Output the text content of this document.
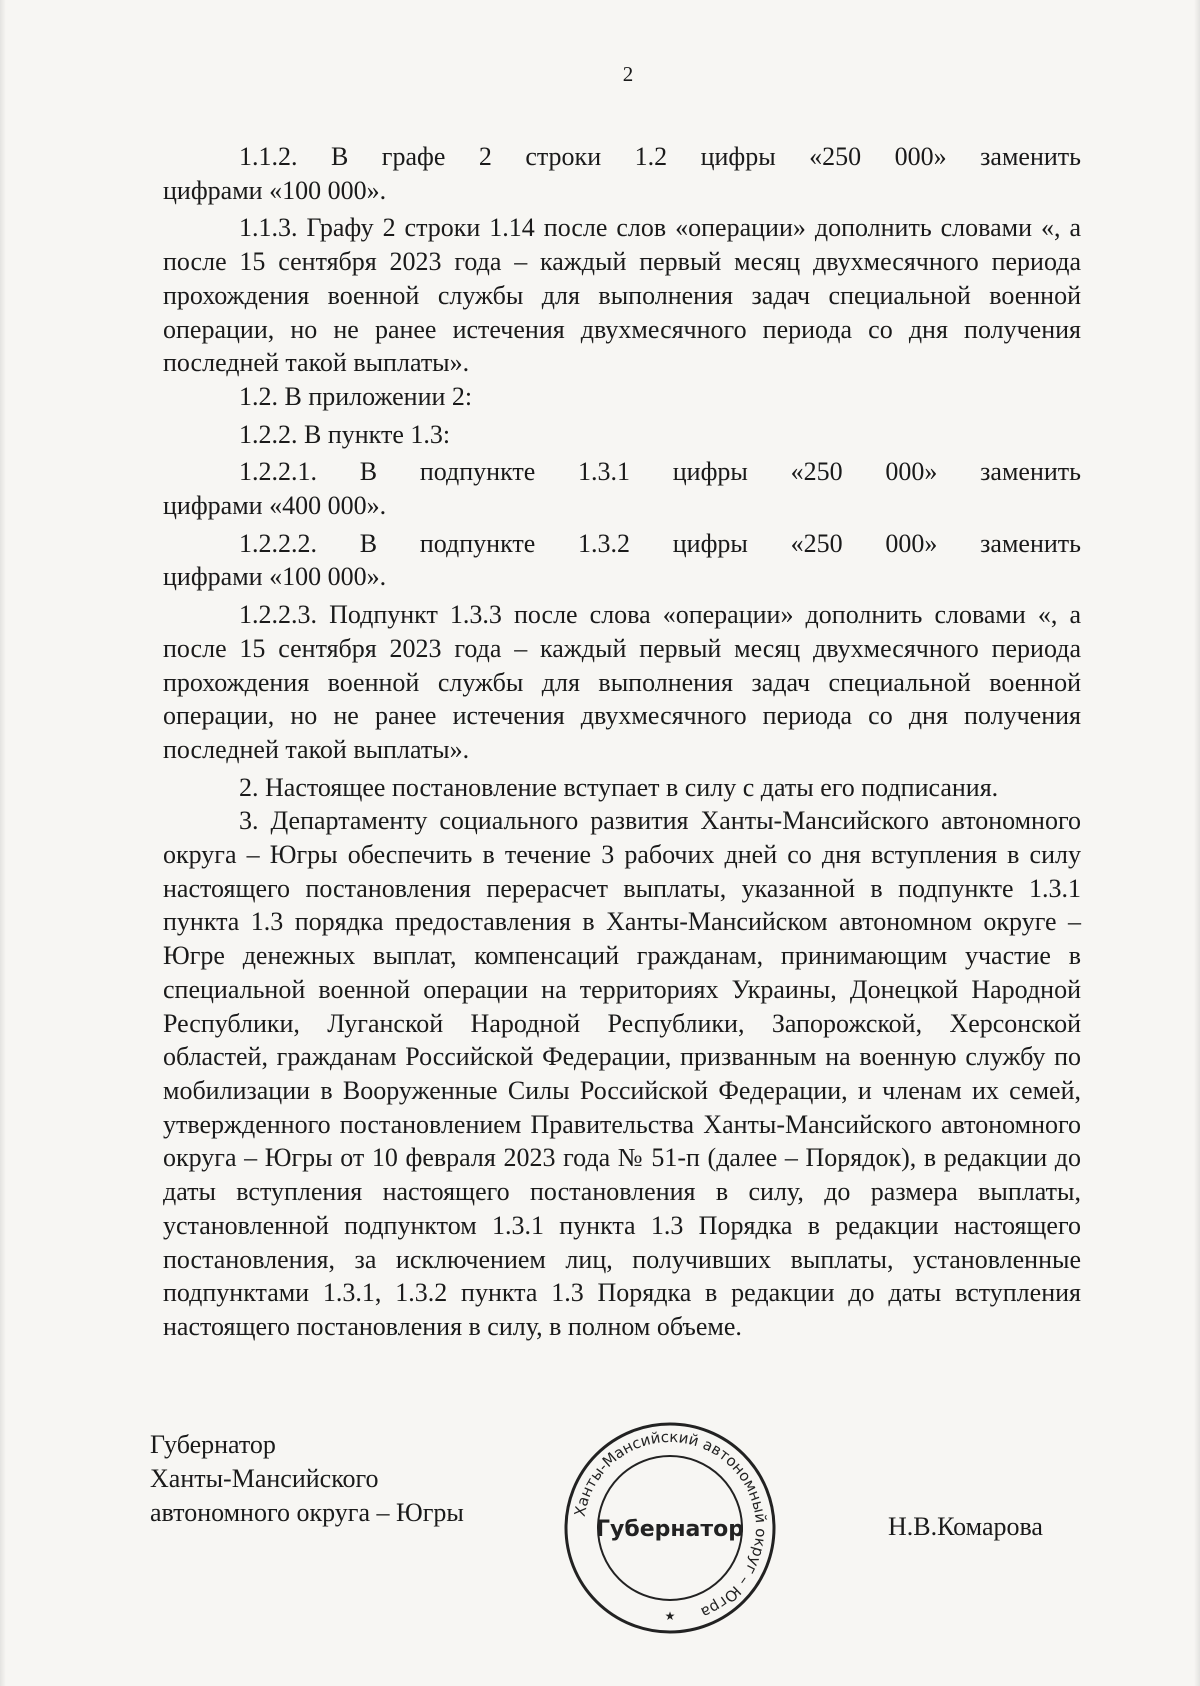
2

1.1.2. В графе 2 строки 1.2 цифры «250 000» заменить

цифрами «100 000».

1.1.3. Графу 2 строки 1.14 после слов «операции» дополнить словами «, а после 15 сентября 2023 года – каждый первый месяц двухмесячного периода прохождения военной службы для выполнения задач специальной военной операции, но не ранее истечения двухмесячного периода со дня получения последней такой выплаты».

1.2. В приложении 2:

1.2.2. В пункте 1.3:

1.2.2.1. В подпункте 1.3.1 цифры «250 000» заменить

цифрами «400 000».

1.2.2.2. В подпункте 1.3.2 цифры «250 000» заменить

цифрами «100 000».

1.2.2.3. Подпункт 1.3.3 после слова «операции» дополнить словами «, а после 15 сентября 2023 года – каждый первый месяц двухмесячного периода прохождения военной службы для выполнения задач специальной военной операции, но не ранее истечения двухмесячного периода со дня получения последней такой выплаты».

2. Настоящее постановление вступает в силу с даты его подписания.

3. Департаменту социального развития Ханты-Мансийского автономного округа – Югры обеспечить в течение 3 рабочих дней со дня вступления в силу настоящего постановления перерасчет выплаты, указанной в подпункте 1.3.1 пункта 1.3 порядка предоставления в Ханты-Мансийском автономном округе – Югре денежных выплат, компенсаций гражданам, принимающим участие в специальной военной операции на территориях Украины, Донецкой Народной Республики, Луганской Народной Республики, Запорожской, Херсонской областей, гражданам Российской Федерации, призванным на военную службу по мобилизации в Вооруженные Силы Российской Федерации, и членам их семей, утвержденного постановлением Правительства Ханты-Мансийского автономного округа – Югры от 10 февраля 2023 года № 51-п (далее – Порядок), в редакции до даты вступления настоящего постановления в силу, до размера выплаты, установленной подпунктом 1.3.1 пункта 1.3 Порядка в редакции настоящего постановления, за исключением лиц, получивших выплаты, установленные подпунктами 1.3.1, 1.3.2 пункта 1.3 Порядка в редакции до даты вступления настоящего постановления в силу, в полном объеме.

Губернатор
Ханты-Мансийского
автономного округа – Югры	Ханты-Мансийский автономный округ – Югра
Губернатор
★
Н.В.Комарова
